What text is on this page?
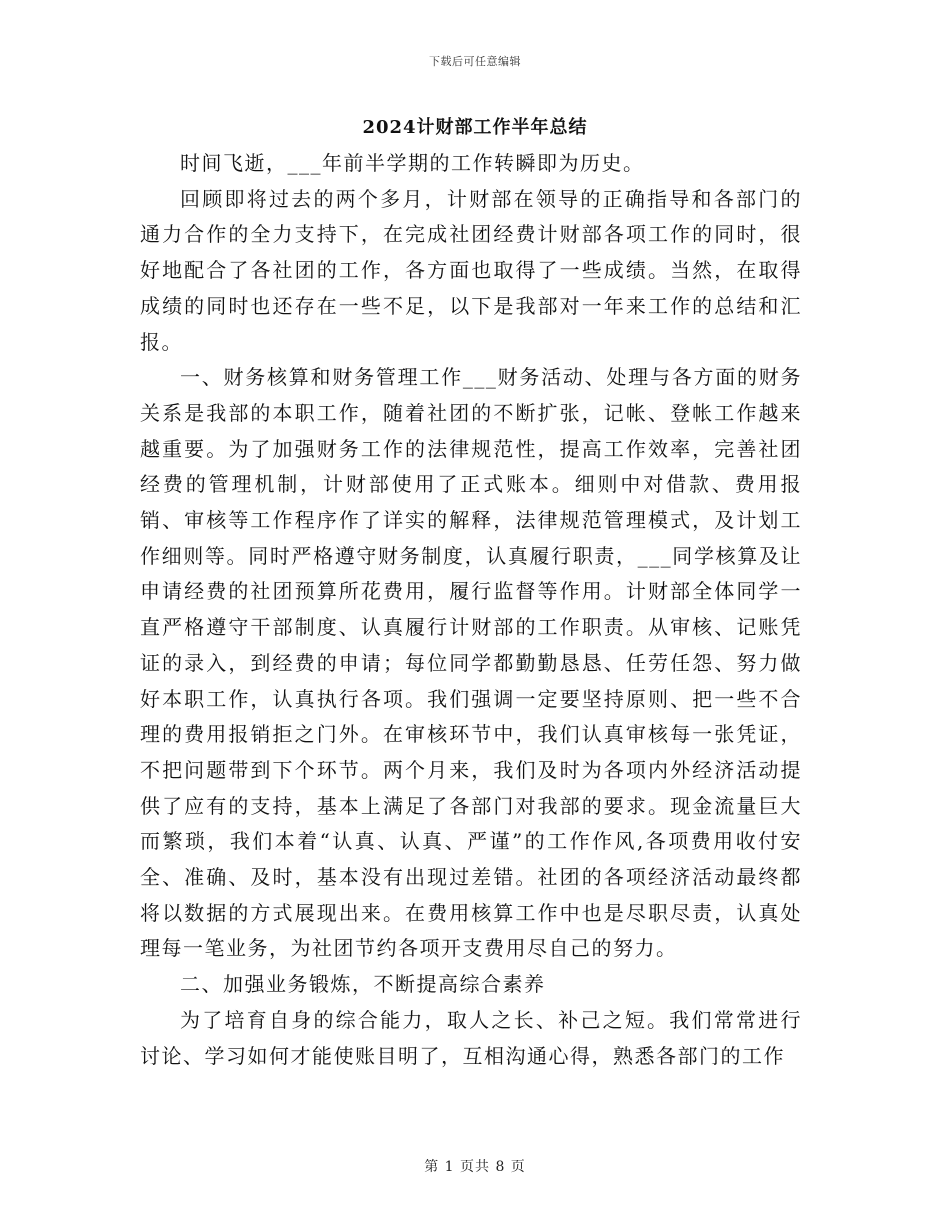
下载后可任意编辑
2024计财部工作半年总结

时间飞逝，___年前半学期的工作转瞬即为历史。

回顾即将过去的两个多月，计财部在领导的正确指导和各部门的通力合作的全力支持下，在完成社团经费计财部各项工作的同时，很好地配合了各社团的工作，各方面也取得了一些成绩。当然，在取得成绩的同时也还存在一些不足，以下是我部对一年来工作的总结和汇报。

一、财务核算和财务管理工作___财务活动、处理与各方面的财务关系是我部的本职工作，随着社团的不断扩张，记帐、登帐工作越来越重要。为了加强财务工作的法律规范性，提高工作效率，完善社团经费的管理机制，计财部使用了正式账本。细则中对借款、费用报销、审核等工作程序作了详实的解释，法律规范管理模式，及计划工作细则等。同时严格遵守财务制度，认真履行职责，___同学核算及让申请经费的社团预算所花费用，履行监督等作用。计财部全体同学一直严格遵守干部制度、认真履行计财部的工作职责。从审核、记账凭证的录入，到经费的申请；每位同学都勤勤恳恳、任劳任怨、努力做好本职工作，认真执行各项。我们强调一定要坚持原则、把一些不合理的费用报销拒之门外。在审核环节中，我们认真审核每一张凭证，不把问题带到下个环节。两个月来，我们及时为各项内外经济活动提供了应有的支持，基本上满足了各部门对我部的要求。现金流量巨大而繁琐，我们本着“认真、认真、严谨”的工作作风,各项费用收付安全、准确、及时，基本没有出现过差错。社团的各项经济活动最终都将以数据的方式展现出来。在费用核算工作中也是尽职尽责，认真处理每一笔业务，为社团节约各项开支费用尽自己的努力。

二、加强业务锻炼，不断提高综合素养

为了培育自身的综合能力，取人之长、补己之短。我们常常进行讨论、学习如何才能使账目明了，互相沟通心得，熟悉各部门的工作

第 1 页共 8 页
